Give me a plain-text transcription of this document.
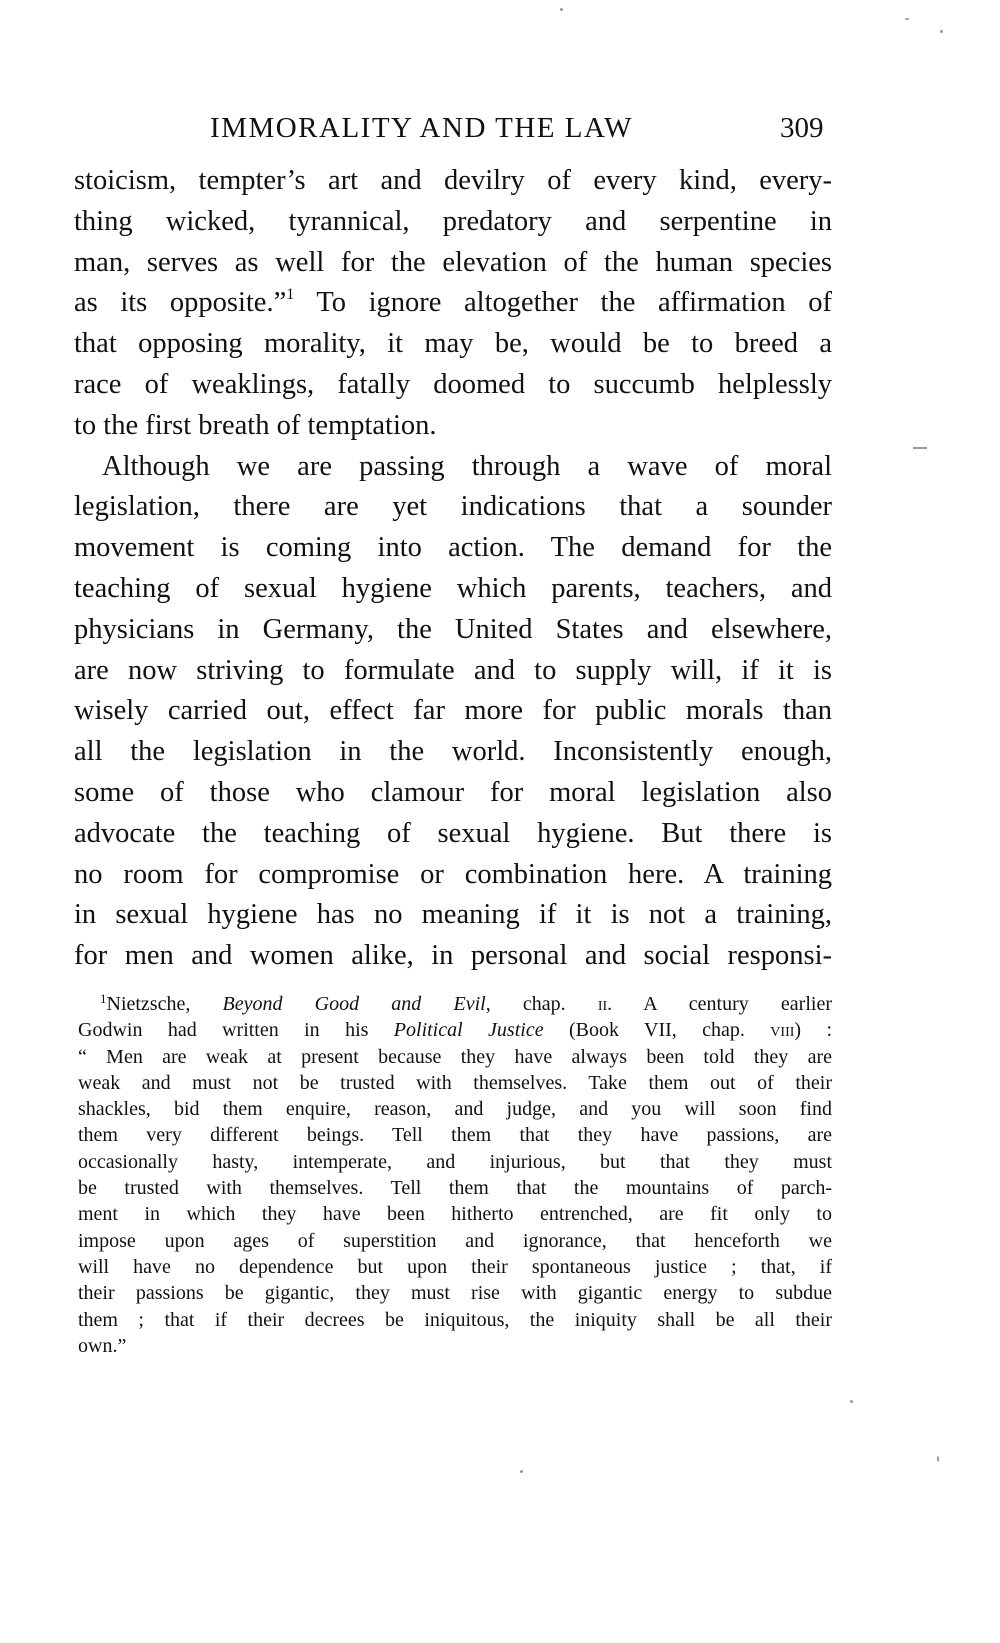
IMMORALITY AND THE LAW	309
stoicism, tempter’s art and devilry of every kind, every-
thing wicked, tyrannical, predatory and serpentine in
man, serves as well for the elevation of the human species
as its opposite.”$^1$ To ignore altogether the affirmation of
that opposing morality, it may be, would be to breed a
race of weaklings, fatally doomed to succumb helplessly
to the first breath of temptation.
Although we are passing through a wave of moral
legislation, there are yet indications that a sounder
movement is coming into action. The demand for the
teaching of sexual hygiene which parents, teachers, and
physicians in Germany, the United States and elsewhere,
are now striving to formulate and to supply will, if it is
wisely carried out, effect far more for public morals than
all the legislation in the world. Inconsistently enough,
some of those who clamour for moral legislation also
advocate the teaching of sexual hygiene. But there is
no room for compromise or combination here. A training
in sexual hygiene has no meaning if it is not a training,
for men and women alike, in personal and social responsi-
$^1$Nietzsche, Beyond Good and Evil, chap. ii. A century earlier
Godwin had written in his Political Justice (Book VII, chap. viii) :
“ Men are weak at present because they have always been told they are
weak and must not be trusted with themselves. Take them out of their
shackles, bid them enquire, reason, and judge, and you will soon find
them very different beings. Tell them that they have passions, are
occasionally hasty, intemperate, and injurious, but that they must
be trusted with themselves. Tell them that the mountains of parch-
ment in which they have been hitherto entrenched, are fit only to
impose upon ages of superstition and ignorance, that henceforth we
will have no dependence but upon their spontaneous justice ; that, if
their passions be gigantic, they must rise with gigantic energy to subdue
them ; that if their decrees be iniquitous, the iniquity shall be all their
own.”
